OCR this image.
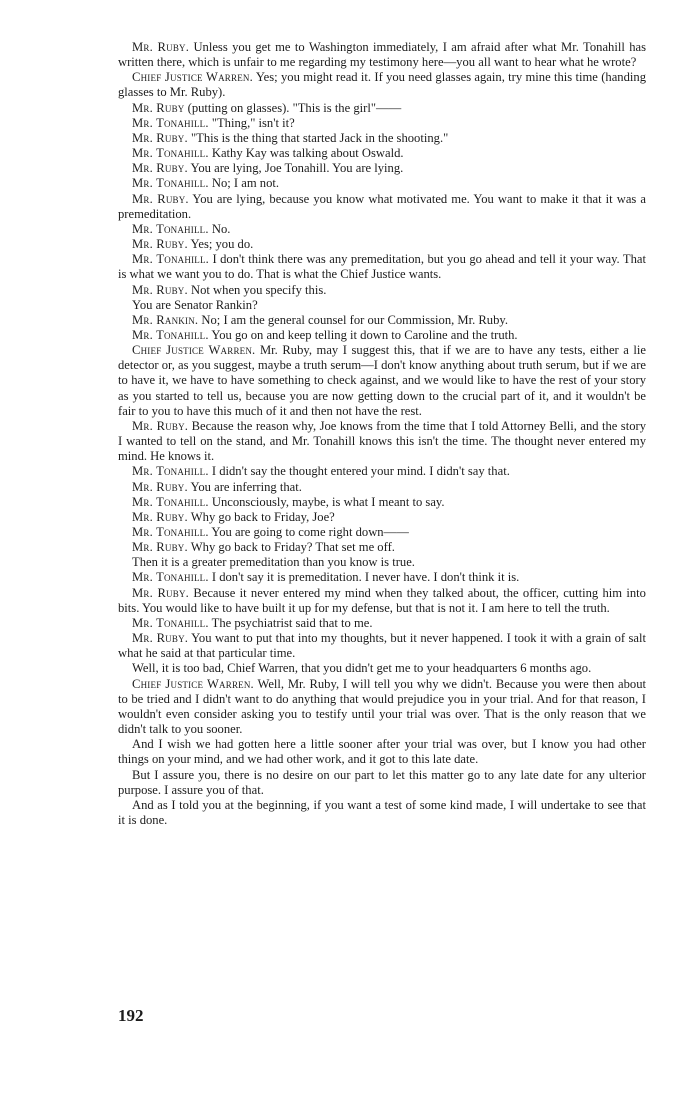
Mr. Ruby. Unless you get me to Washington immediately, I am afraid after what Mr. Tonahill has written there, which is unfair to me regarding my testimony here—you all want to hear what he wrote?

Chief Justice Warren. Yes; you might read it. If you need glasses again, try mine this time (handing glasses to Mr. Ruby).

Mr. Ruby (putting on glasses). "This is the girl"——

Mr. Tonahill. "Thing," isn't it?

Mr. Ruby. "This is the thing that started Jack in the shooting."

Mr. Tonahill. Kathy Kay was talking about Oswald.

Mr. Ruby. You are lying, Joe Tonahill. You are lying.

Mr. Tonahill. No; I am not.

Mr. Ruby. You are lying, because you know what motivated me. You want to make it that it was a premeditation.

Mr. Tonahill. No.

Mr. Ruby. Yes; you do.

Mr. Tonahill. I don't think there was any premeditation, but you go ahead and tell it your way. That is what we want you to do. That is what the Chief Justice wants.

Mr. Ruby. Not when you specify this.

You are Senator Rankin?

Mr. Rankin. No; I am the general counsel for our Commission, Mr. Ruby.

Mr. Tonahill. You go on and keep telling it down to Caroline and the truth.

Chief Justice Warren. Mr. Ruby, may I suggest this, that if we are to have any tests, either a lie detector or, as you suggest, maybe a truth serum—I don't know anything about truth serum, but if we are to have it, we have to have something to check against, and we would like to have the rest of your story as you started to tell us, because you are now getting down to the crucial part of it, and it wouldn't be fair to you to have this much of it and then not have the rest.

Mr. Ruby. Because the reason why, Joe knows from the time that I told Attorney Belli, and the story I wanted to tell on the stand, and Mr. Tonahill knows this isn't the time. The thought never entered my mind. He knows it.

Mr. Tonahill. I didn't say the thought entered your mind. I didn't say that.

Mr. Ruby. You are inferring that.

Mr. Tonahill. Unconsciously, maybe, is what I meant to say.

Mr. Ruby. Why go back to Friday, Joe?

Mr. Tonahill. You are going to come right down——

Mr. Ruby. Why go back to Friday? That set me off.

Then it is a greater premeditation than you know is true.

Mr. Tonahill. I don't say it is premeditation. I never have. I don't think it is.

Mr. Ruby. Because it never entered my mind when they talked about, the officer, cutting him into bits. You would like to have built it up for my defense, but that is not it. I am here to tell the truth.

Mr. Tonahill. The psychiatrist said that to me.

Mr. Ruby. You want to put that into my thoughts, but it never happened. I took it with a grain of salt what he said at that particular time.

Well, it is too bad, Chief Warren, that you didn't get me to your headquarters 6 months ago.

Chief Justice Warren. Well, Mr. Ruby, I will tell you why we didn't. Because you were then about to be tried and I didn't want to do anything that would prejudice you in your trial. And for that reason, I wouldn't even consider asking you to testify until your trial was over. That is the only reason that we didn't talk to you sooner.

And I wish we had gotten here a little sooner after your trial was over, but I know you had other things on your mind, and we had other work, and it got to this late date.

But I assure you, there is no desire on our part to let this matter go to any late date for any ulterior purpose. I assure you of that.

And as I told you at the beginning, if you want a test of some kind made, I will undertake to see that it is done.

192
